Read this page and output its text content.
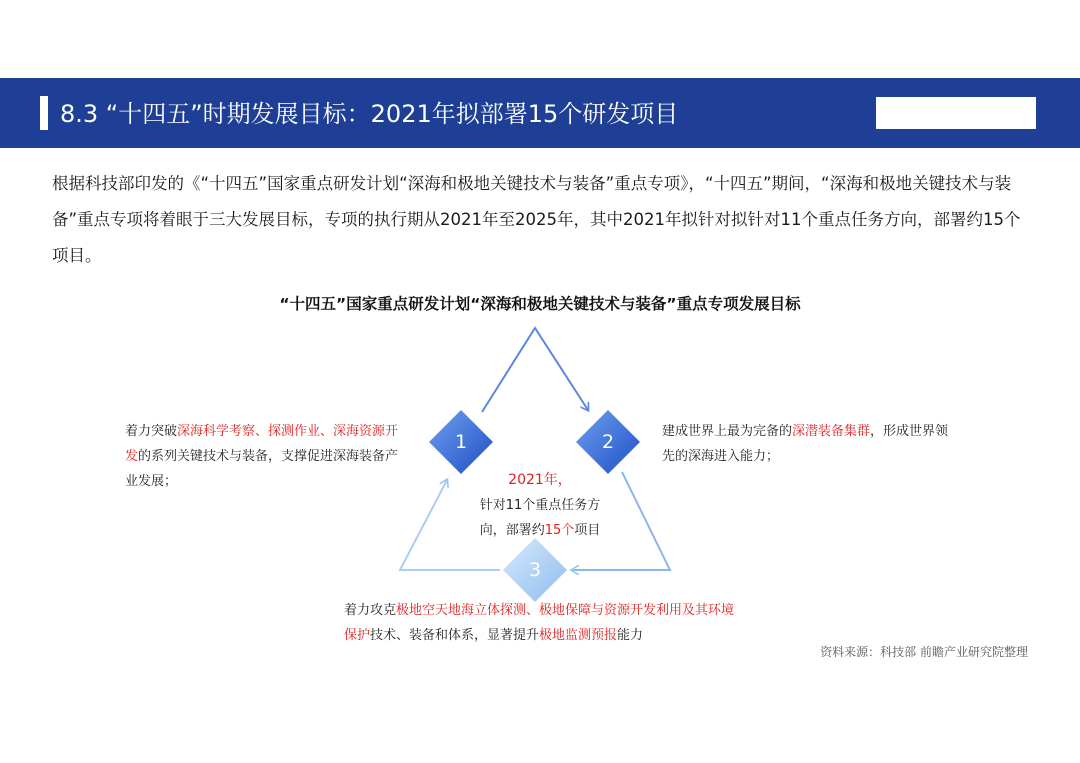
8.3 “十四五”时期发展目标：2021年拟部署15个研发项目

根据科技部印发的《“十四五”国家重点研发计划“深海和极地关键技术与装备”重点专项》，“十四五”期间，“深海和极地关键技术与装备”重点专项将着眼于三大发展目标，专项的执行期从2021年至2025年，其中2021年拟针对拟针对11个重点任务方向，部署约15个项目。

“十四五”国家重点研发计划“深海和极地关键技术与装备”重点专项发展目标
1	2
3
着力突破深海科学考察、探测作业、深海资源开发的系列关键技术与装备，支撑促进深海装备产业发展；
建成世界上最为完备的深潜装备集群，形成世界领先的深海进入能力；
着力攻克极地空天地海立体探测、极地保障与资源开发利用及其环境保护技术、装备和体系，显著提升极地监测预报能力
2021年，
针对11个重点任务方
向，部署约15个项目
资料来源：科技部 前瞻产业研究院整理
